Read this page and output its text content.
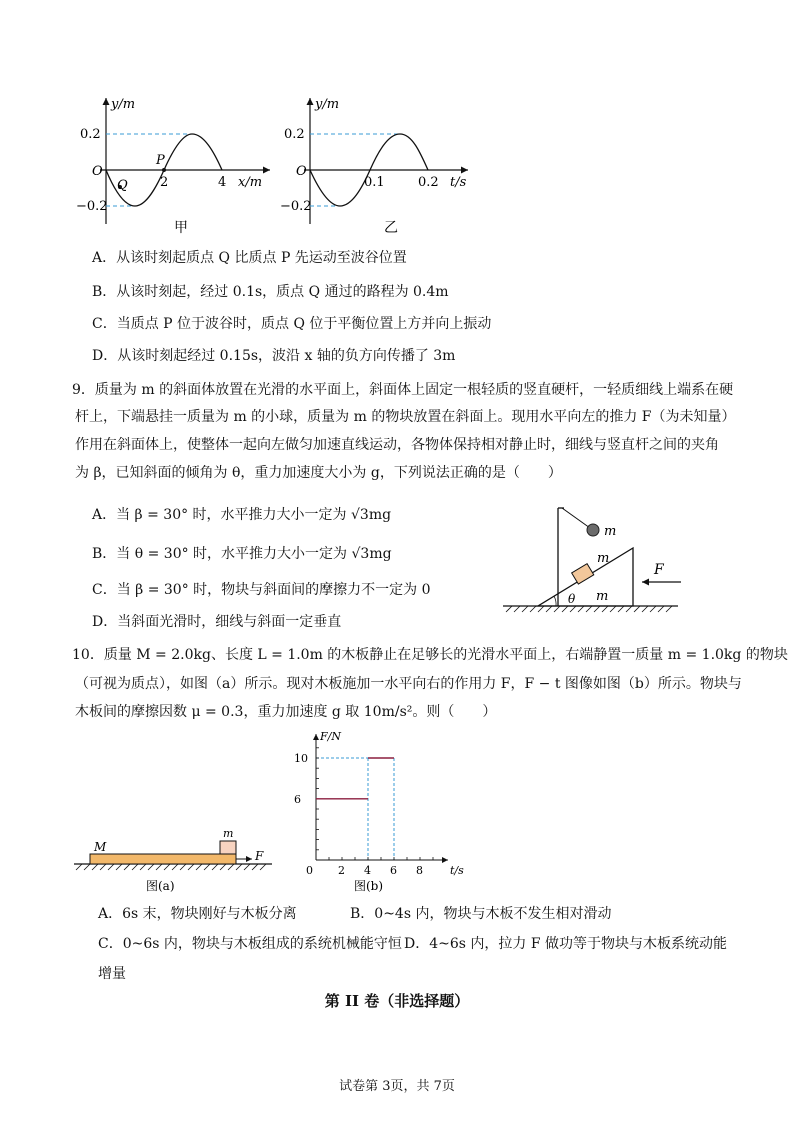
y/m
0.2
−0.2
O
P
Q 2	4 x/m
甲
y/m
0.2
−0.2
O
0.1	0.2 t/s
乙
A．从该时刻起质点 Q 比质点 P 先运动至波谷位置
B．从该时刻起，经过 0.1s，质点 Q 通过的路程为 0.4m
C．当质点 P 位于波谷时，质点 Q 位于平衡位置上方并向上振动
D．从该时刻起经过 0.15s，波沿 x 轴的负方向传播了 3m
9．质量为 m 的斜面体放置在光滑的水平面上，斜面体上固定一根轻质的竖直硬杆，一轻质细线上端系在硬
杆上，下端悬挂一质量为 m 的小球，质量为 m 的物块放置在斜面上。现用水平向左的推力 F（为未知量）
作用在斜面体上，使整体一起向左做匀加速直线运动，各物体保持相对静止时，细线与竖直杆之间的夹角
为 β，已知斜面的倾角为 θ，重力加速度大小为 g，下列说法正确的是（　　）
A．当 β = 30° 时，水平推力大小一定为 √3mg
B．当 θ = 30° 时，水平推力大小一定为 √3mg
C．当 β = 30° 时，物块与斜面间的摩擦力不一定为 0
D．当斜面光滑时，细线与斜面一定垂直
m
m
m
θ
F
10．质量 M = 2.0kg、长度 L = 1.0m 的木板静止在足够长的光滑水平面上，右端静置一质量 m = 1.0kg 的物块
（可视为质点），如图（a）所示。现对木板施加一水平向右的作用力 F，F − t 图像如图（b）所示。物块与
木板间的摩擦因数 μ = 0.3，重力加速度 g 取 10m/s²。则（　　）
M
m
F
图(a)
10
6
2 4 6 8
F/N
t/s
0
图(b)
A．6s 末，物块刚好与木板分离	B．0~4s 内，物块与木板不发生相对滑动
C．0~6s 内，物块与木板组成的系统机械能守恒 D．4~6s 内，拉力 F 做功等于物块与木板系统动能
增量
第 II 卷（非选择题）
试卷第 3页，共 7页
